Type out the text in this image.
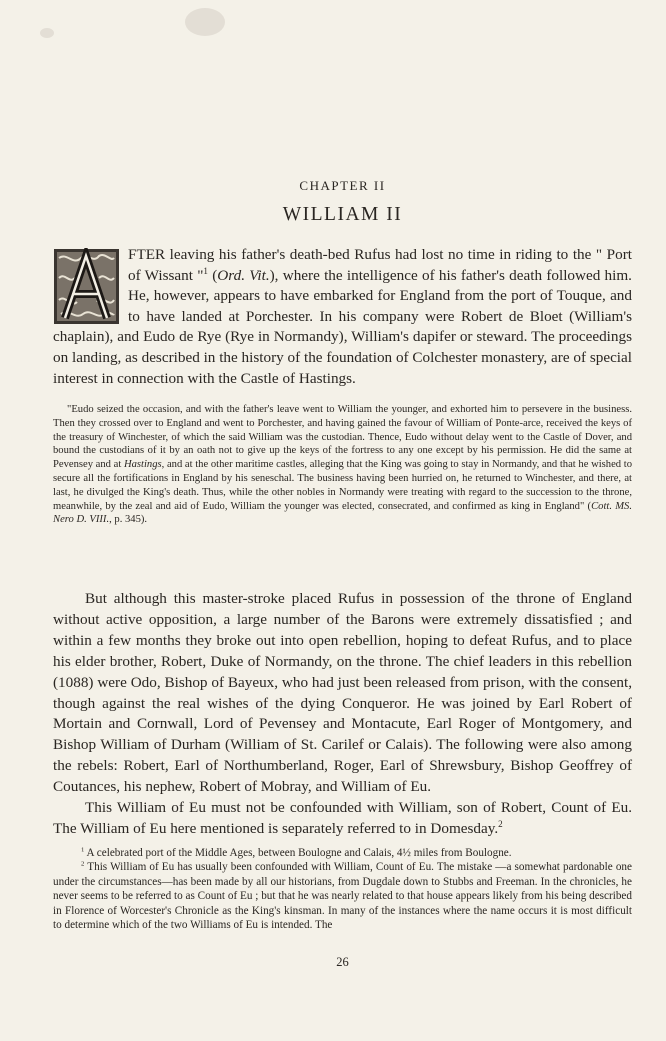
CHAPTER II
WILLIAM II
FTER leaving his father's death-bed Rufus had lost no time in riding to the " Port of Wissant "$^1$ (Ord. Vit.), where the intelligence of his father's death followed him. He, however, appears to have embarked for England from the port of Touque, and to have landed at Porchester. In his company were Robert de Bloet (William's chaplain), and Eudo de Rye (Rye in Normandy), William's dapifer or steward. The proceedings on landing, as described in the history of the foundation of Colchester monastery, are of special interest in connection with the Castle of Hastings.
"Eudo seized the occasion, and with the father's leave went to William the younger, and exhorted him to persevere in the business. Then they crossed over to England and went to Porchester, and having gained the favour of William of Ponte-arce, received the keys of the treasury of Winchester, of which the said William was the custodian. Thence, Eudo without delay went to the Castle of Dover, and bound the custodians of it by an oath not to give up the keys of the fortress to any one except by his permission. He did the same at Pevensey and at Hastings, and at the other maritime castles, alleging that the King was going to stay in Normandy, and that he wished to secure all the fortifications in England by his seneschal. The business having been hurried on, he returned to Winchester, and there, at last, he divulged the King's death. Thus, while the other nobles in Normandy were treating with regard to the succession to the throne, meanwhile, by the zeal and aid of Eudo, William the younger was elected, consecrated, and confirmed as king in England" (Cott. MS. Nero D. VIII., p. 345).

But although this master-stroke placed Rufus in possession of the throne of England without active opposition, a large number of the Barons were extremely dissatisfied ; and within a few months they broke out into open rebellion, hoping to defeat Rufus, and to place his elder brother, Robert, Duke of Normandy, on the throne. The chief leaders in this rebellion (1088) were Odo, Bishop of Bayeux, who had just been released from prison, with the consent, though against the real wishes of the dying Conqueror. He was joined by Earl Robert of Mortain and Cornwall, Lord of Pevensey and Montacute, Earl Roger of Montgomery, and Bishop William of Durham (William of St. Carilef or Calais). The following were also among the rebels: Robert, Earl of Northumberland, Roger, Earl of Shrewsbury, Bishop Geoffrey of Coutances, his nephew, Robert of Mobray, and William of Eu.

This William of Eu must not be confounded with William, son of Robert, Count of Eu. The William of Eu here mentioned is separately referred to in Domesday.$^2$

$^1$ A celebrated port of the Middle Ages, between Boulogne and Calais, 4½ miles from Boulogne.

$^2$ This William of Eu has usually been confounded with William, Count of Eu. The mistake —a somewhat pardonable one under the circumstances—has been made by all our historians, from Dugdale down to Stubbs and Freeman. In the chronicles, he never seems to be referred to as Count of Eu ; but that he was nearly related to that house appears likely from his being described in Florence of Worcester's Chronicle as the King's kinsman. In many of the instances where the name occurs it is most difficult to determine which of the two Williams of Eu is intended. The

26
